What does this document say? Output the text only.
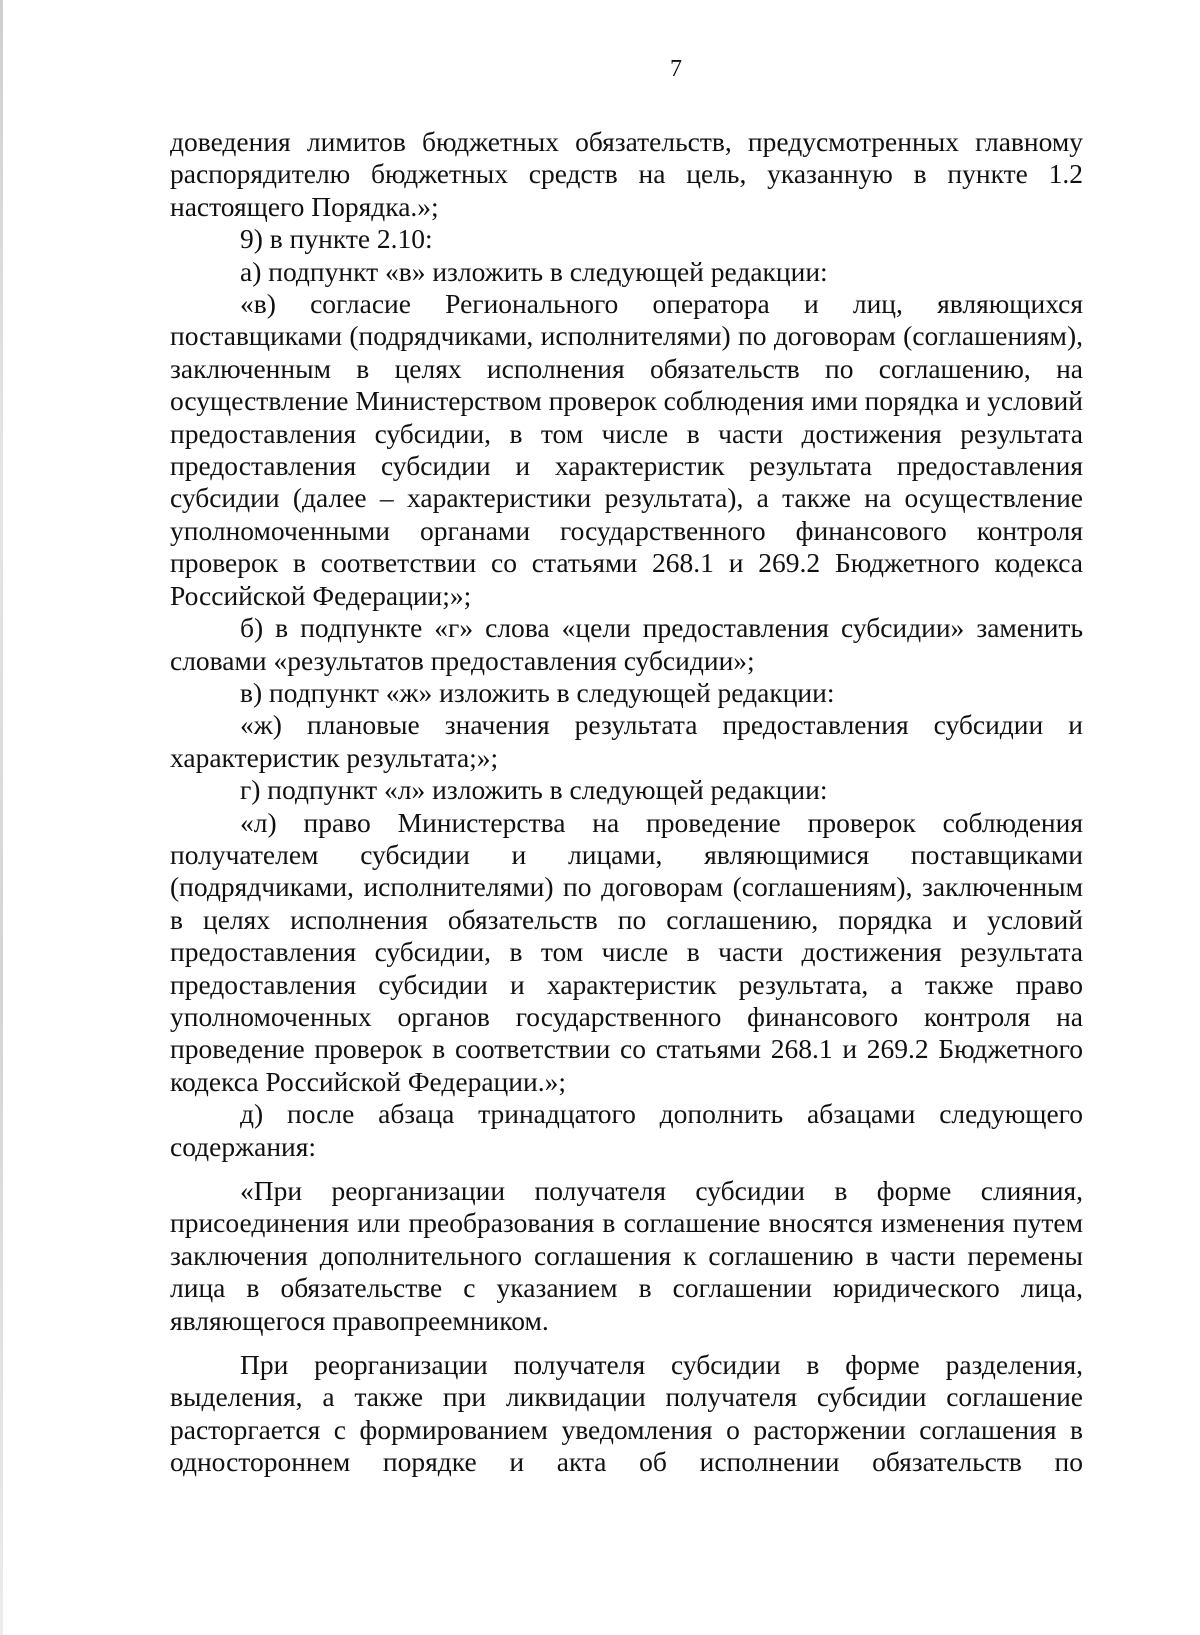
7

доведения лимитов бюджетных обязательств, предусмотренных главному распорядителю бюджетных средств на цель, указанную в пункте 1.2 настоящего Порядка.»;

9) в пункте 2.10:

а) подпункт «в» изложить в следующей редакции:

«в) согласие Регионального оператора и лиц, являющихся поставщиками (подрядчиками, исполнителями) по договорам (соглашениям), заключенным в целях исполнения обязательств по соглашению, на осуществление Министерством проверок соблюдения ими порядка и условий предоставления субсидии, в том числе в части достижения результата предоставления субсидии и характеристик результата предоставления субсидии (далее – характеристики результата), а также на осуществление уполномоченными органами государственного финансового контроля проверок в соответствии со статьями 268.1 и 269.2 Бюджетного кодекса Российской Федерации;»;

б) в подпункте «г» слова «цели предоставления субсидии» заменить словами «результатов предоставления субсидии»;

в) подпункт «ж» изложить в следующей редакции:

«ж) плановые значения результата предоставления субсидии и характеристик результата;»;

г) подпункт «л» изложить в следующей редакции:

«л) право Министерства на проведение проверок соблюдения получателем субсидии и лицами, являющимися поставщиками (подрядчиками, исполнителями) по договорам (соглашениям), заключенным в целях исполнения обязательств по соглашению, порядка и условий предоставления субсидии, в том числе в части достижения результата предоставления субсидии и характеристик результата, а также право уполномоченных органов государственного финансового контроля на проведение проверок в соответствии со статьями 268.1 и 269.2 Бюджетного кодекса Российской Федерации.»;

д) после абзаца тринадцатого дополнить абзацами следующего содержания:

«При реорганизации получателя субсидии в форме слияния, присоединения или преобразования в соглашение вносятся изменения путем заключения дополнительного соглашения к соглашению в части перемены лица в обязательстве с указанием в соглашении юридического лица, являющегося правопреемником.

При реорганизации получателя субсидии в форме разделения, выделения, а также при ликвидации получателя субсидии соглашение расторгается с формированием уведомления о расторжении соглашения в одностороннем порядке и акта об исполнении обязательств по
